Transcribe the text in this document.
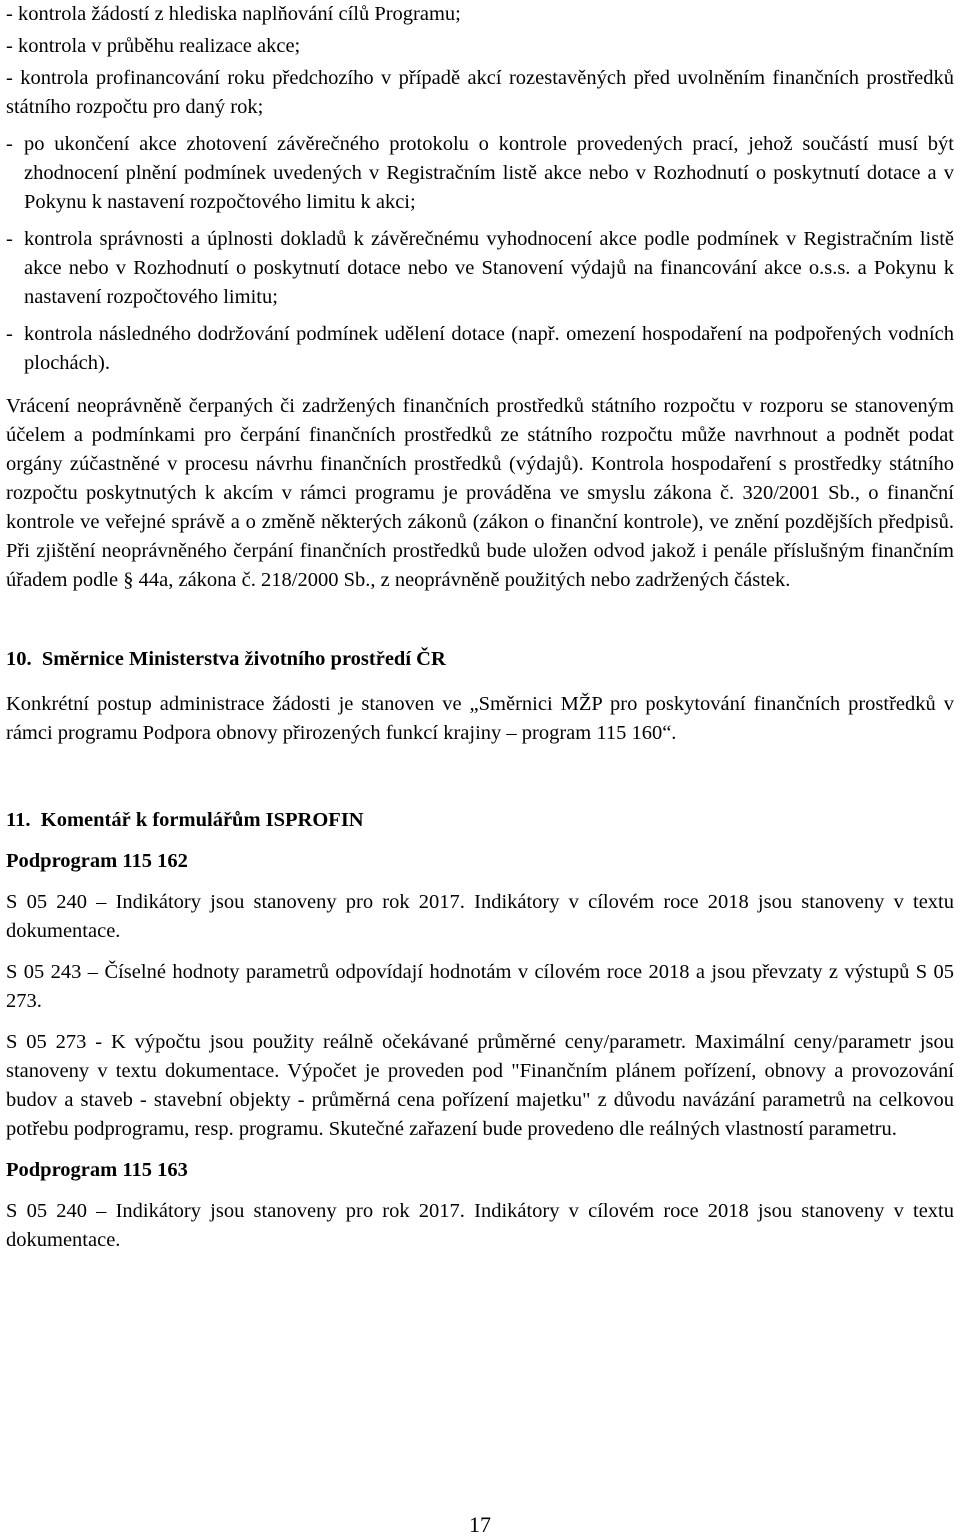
- kontrola žádostí z hlediska naplňování cílů Programu;
- kontrola v průběhu realizace akce;
- kontrola profinancování roku předchozího v případě akcí rozestavěných před uvolněním finančních prostředků státního rozpočtu pro daný rok;
- po ukončení akce zhotovení závěrečného protokolu o kontrole provedených prací, jehož součástí musí být zhodnocení plnění podmínek uvedených v Registračním listě akce nebo v Rozhodnutí o poskytnutí dotace a v Pokynu k nastavení rozpočtového limitu k akci;
- kontrola správnosti a úplnosti dokladů k závěrečnému vyhodnocení akce podle podmínek v Registračním listě akce nebo v Rozhodnutí o poskytnutí dotace nebo ve Stanovení výdajů na financování akce o.s.s. a Pokynu k nastavení rozpočtového limitu;
- kontrola následného dodržování podmínek udělení dotace (např. omezení hospodaření na podpořených vodních plochách).

Vrácení neoprávněně čerpaných či zadržených finančních prostředků státního rozpočtu v rozporu se stanoveným účelem a podmínkami pro čerpání finančních prostředků ze státního rozpočtu může navrhnout a podnět podat orgány zúčastněné v procesu návrhu finančních prostředků (výdajů). Kontrola hospodaření s prostředky státního rozpočtu poskytnutých k akcím v rámci programu je prováděna ve smyslu zákona č. 320/2001 Sb., o finanční kontrole ve veřejné správě a o změně některých zákonů (zákon o finanční kontrole), ve znění pozdějších předpisů. Při zjištění neoprávněného čerpání finančních prostředků bude uložen odvod jakož i penále příslušným finančním úřadem podle § 44a, zákona č. 218/2000 Sb., z neoprávněně použitých nebo zadržených částek.

10. Směrnice Ministerstva životního prostředí ČR

Konkrétní postup administrace žádosti je stanoven ve „Směrnici MŽP pro poskytování finančních prostředků v rámci programu Podpora obnovy přirozených funkcí krajiny – program 115 160“.

11. Komentář k formulářům ISPROFIN

Podprogram 115 162

S 05 240 – Indikátory jsou stanoveny pro rok 2017. Indikátory v cílovém roce 2018 jsou stanoveny v textu dokumentace.

S 05 243 – Číselné hodnoty parametrů odpovídají hodnotám v cílovém roce 2018 a jsou převzaty z výstupů S 05 273.

S 05 273 - K výpočtu jsou použity reálně očekávané průměrné ceny/parametr. Maximální ceny/parametr jsou stanoveny v textu dokumentace. Výpočet je proveden pod "Finančním plánem pořízení, obnovy a provozování budov a staveb - stavební objekty - průměrná cena pořízení majetku" z důvodu navázání parametrů na celkovou potřebu podprogramu, resp. programu. Skutečné zařazení bude provedeno dle reálných vlastností parametru.

Podprogram 115 163

S 05 240 – Indikátory jsou stanoveny pro rok 2017. Indikátory v cílovém roce 2018 jsou stanoveny v textu dokumentace.

17
